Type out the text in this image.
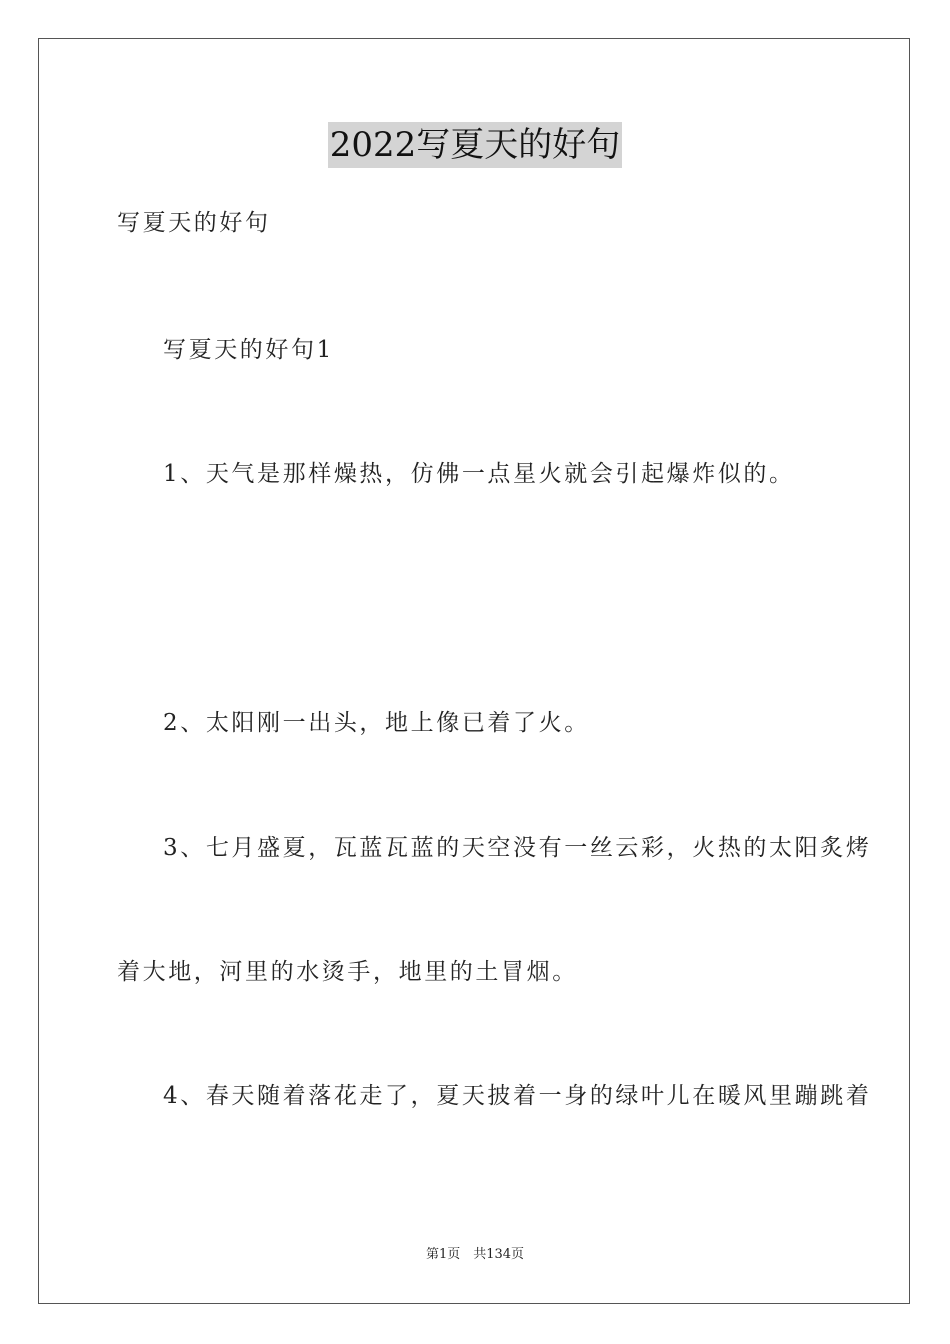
2022写夏天的好句
写夏天的好句
写夏天的好句1
1、天气是那样燥热，仿佛一点星火就会引起爆炸似的。
2、太阳刚一出头，地上像已着了火。
3、七月盛夏，瓦蓝瓦蓝的天空没有一丝云彩，火热的太阳炙烤
着大地，河里的水烫手，地里的土冒烟。
4、春天随着落花走了，夏天披着一身的绿叶儿在暖风里蹦跳着
第1页　共134页
